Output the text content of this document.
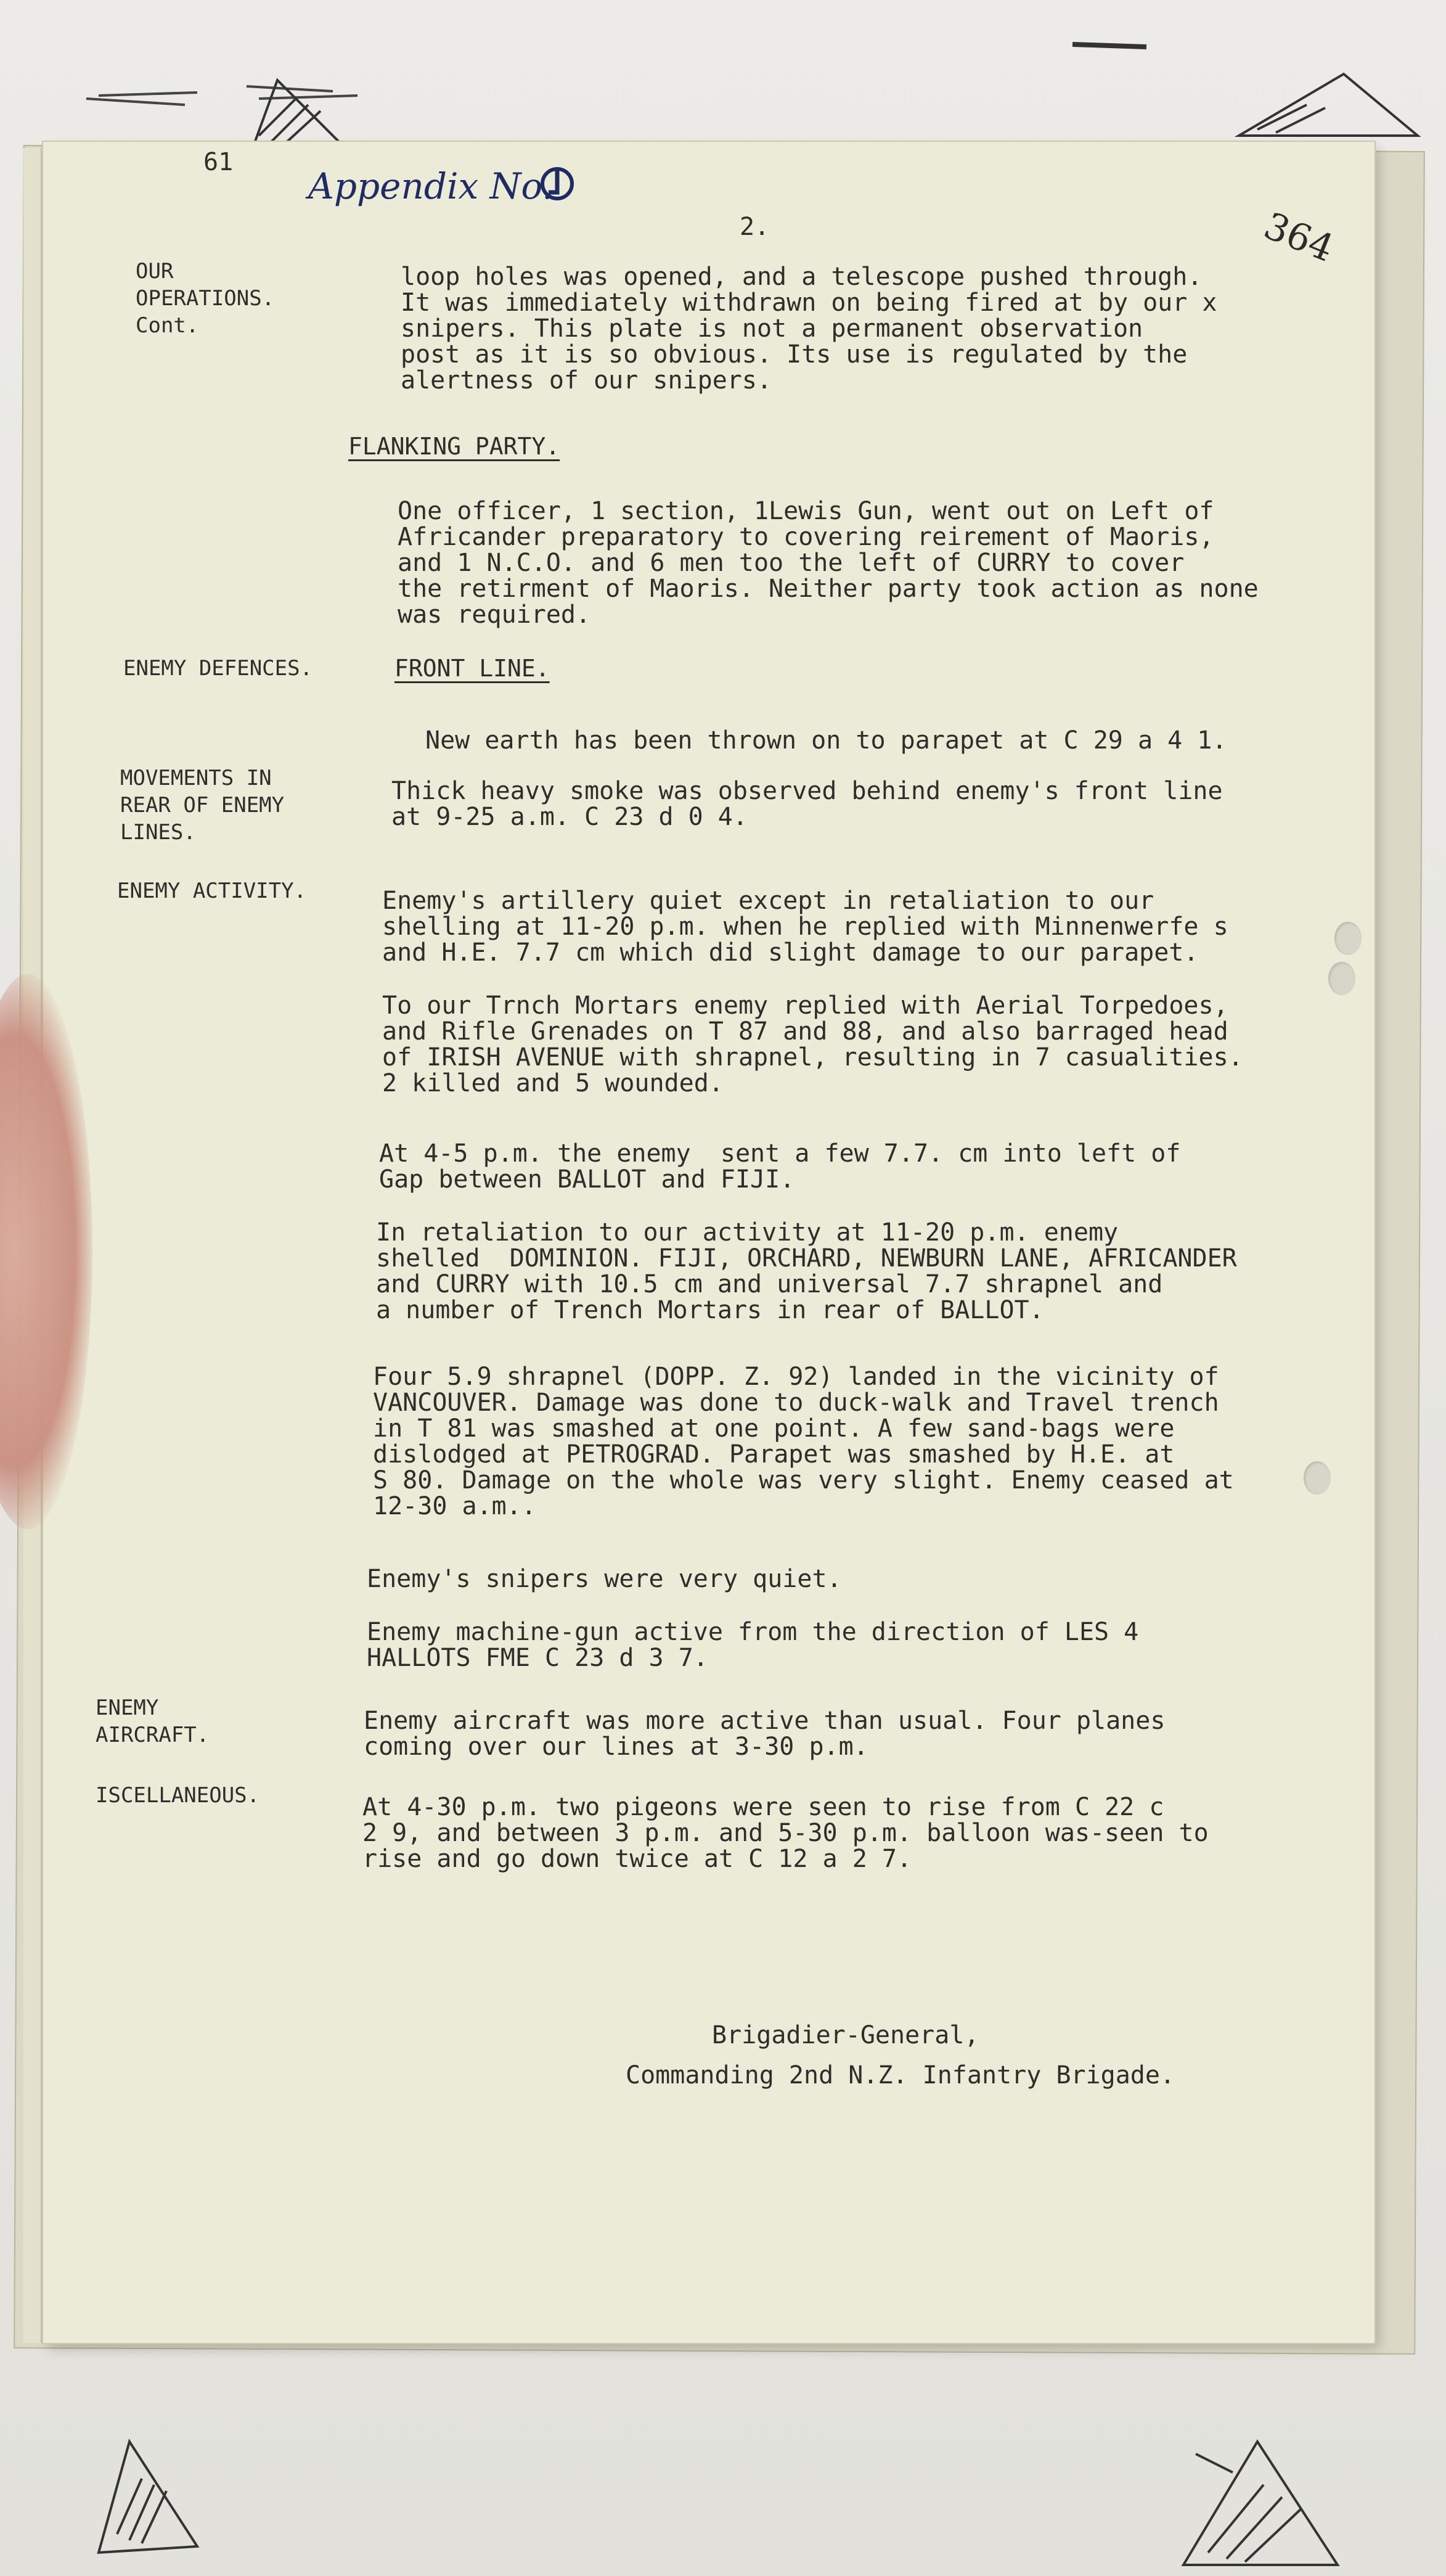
61
Appendix No.
2.	364
OUR
OPERATIONS.
Cont.
loop holes was opened, and a telescope pushed through.
It was immediately withdrawn on being fired at by our x
snipers. This plate is not a permanent observation
post as it is so obvious. Its use is regulated by the
alertness of our snipers.
FLANKING PARTY.
One officer, 1 section, 1Lewis Gun, went out on Left of
Africander preparatory to covering reirement of Maoris,
and 1 N.C.O. and 6 men too the left of CURRY to cover
the retirment of Maoris. Neither party took action as none
was required.
ENEMY DEFENCES.	FRONT LINE.
New earth has been thrown on to parapet at C 29 a 4 1.
MOVEMENTS IN
REAR OF ENEMY
LINES.
Thick heavy smoke was observed behind enemy's front line
at 9-25 a.m. C 23 d 0 4.
ENEMY ACTIVITY.	Enemy's artillery quiet except in retaliation to our
shelling at 11-20 p.m. when he replied with Minnenwerfe s
and H.E. 7.7 cm which did slight damage to our parapet.
To our Trnch Mortars enemy replied with Aerial Torpedoes,
and Rifle Grenades on T 87 and 88, and also barraged head
of IRISH AVENUE with shrapnel, resulting in 7 casualities.
2 killed and 5 wounded.
At 4-5 p.m. the enemy  sent a few 7.7. cm into left of
Gap between BALLOT and FIJI.
In retaliation to our activity at 11-20 p.m. enemy
shelled  DOMINION. FIJI, ORCHARD, NEWBURN LANE, AFRICANDER
and CURRY with 10.5 cm and universal 7.7 shrapnel and
a number of Trench Mortars in rear of BALLOT.
Four 5.9 shrapnel (DOPP. Z. 92) landed in the vicinity of
VANCOUVER. Damage was done to duck-walk and Travel trench
in T 81 was smashed at one point. A few sand-bags were
dislodged at PETROGRAD. Parapet was smashed by H.E. at
S 80. Damage on the whole was very slight. Enemy ceased at
12-30 a.m..
Enemy's snipers were very quiet.
Enemy machine-gun active from the direction of LES 4
HALLOTS FME C 23 d 3 7.
ENEMY
AIRCRAFT.	Enemy aircraft was more active than usual. Four planes
coming over our lines at 3-30 p.m.
ISCELLANEOUS.	At 4-30 p.m. two pigeons were seen to rise from C 22 c
2 9, and between 3 p.m. and 5-30 p.m. balloon was-seen to
rise and go down twice at C 12 a 2 7.
Brigadier-General,
Commanding 2nd N.Z. Infantry Brigade.
